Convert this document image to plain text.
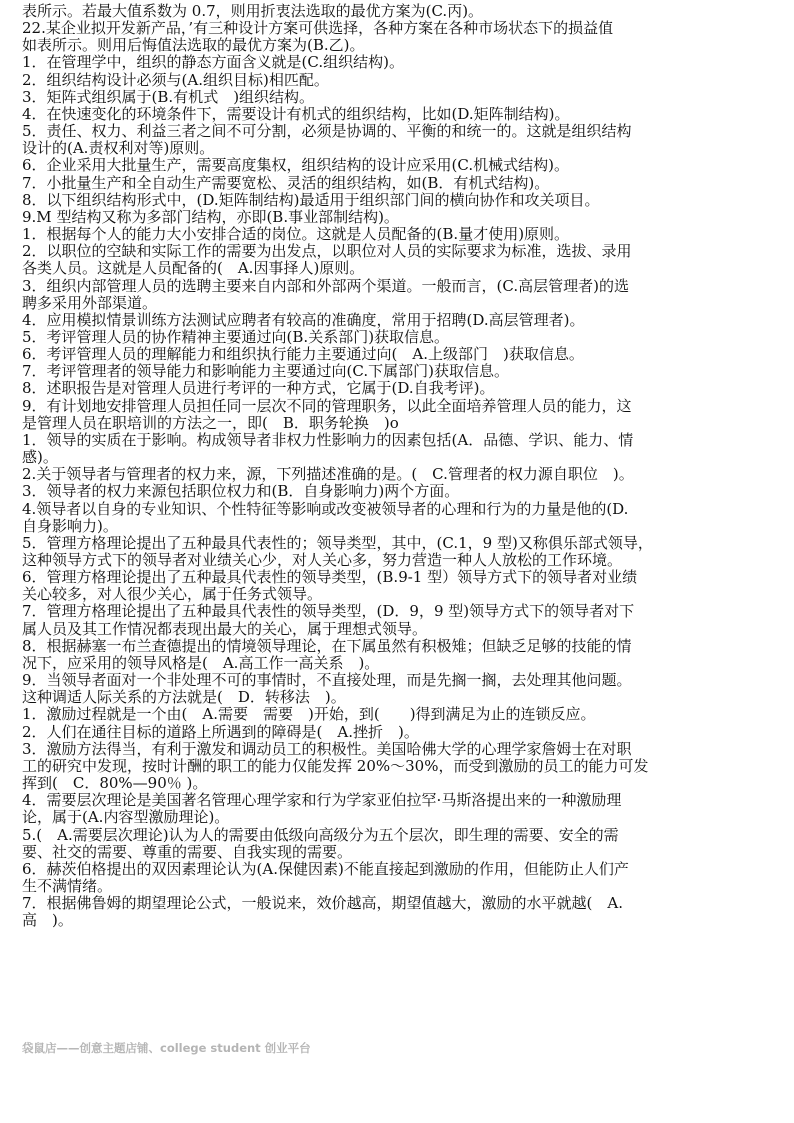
表所示。若最大值系数为 0.7，则用折衷法选取的最优方案为(C.丙)。

22.某企业拟开发新产品，’有三种设计方案可供选择，各种方案在各种市场状态下的损益值

如表所示。则用后悔值法选取的最优方案为(B.乙)。

1．在管理学中，组织的静态方面含义就是(C.组织结构)。

2．组织结构设计必须与(A.组织目标)相匹配。

3．矩阵式组织属于(B.有机式　)组织结构。

4．在快速变化的环境条件下，需要设计有机式的组织结构，比如(D.矩阵制结构)。

5．责任、权力、利益三者之间不可分割，必须是协调的、平衡的和统一的。这就是组织结构

设计的(A.责权利对等)原则。

6．企业采用大批量生产，需要高度集权，组织结构的设计应采用(C.机械式结构)。

7．小批量生产和全自动生产需要宽松、灵活的组织结构，如(B．有机式结构)。

8．以下组织结构形式中，(D.矩阵制结构)最适用于组织部门间的横向协作和攻关项目。

9.M 型结构又称为多部门结构，亦即(B.事业部制结构)。

1．根据每个人的能力大小安排合适的岗位。这就是人员配备的(B.量才使用)原则。

2．以职位的空缺和实际工作的需要为出发点，以职位对人员的实际要求为标准，选拔、录用

各类人员。这就是人员配备的(　A.因事择人)原则。

3．组织内部管理人员的选聘主要来自内部和外部两个渠道。一般而言，(C.高层管理者)的选

聘多采用外部渠道。

4．应用模拟情景训练方法测试应聘者有较高的准确度，常用于招聘(D.高层管理者)。

5．考评管理人员的协作精神主要通过向(B.关系部门)获取信息。

6．考评管理人员的理解能力和组织执行能力主要通过向(　A.上级部门　)获取信息。

7．考评管理者的领导能力和影响能力主要通过向(C.下属部门)获取信息。

8．述职报告是对管理人员进行考评的一种方式，它属于(D.自我考评)。

9．有计划地安排管理人员担任同一层次不同的管理职务，以此全面培养管理人员的能力，这

是管理人员在职培训的方法之一，即(　B．职务轮换　)o

1．领导的实质在于影响。构成领导者非权力性影响力的因素包括(A．品德、学识、能力、情

感)。

2.关于领导者与管理者的权力来，源，下列描述准确的是。(　C.管理者的权力源自职位　)。

3．领导者的权力来源包括职位权力和(B．自身影响力)两个方面。

4.领导者以自身的专业知识、个性特征等影响或改变被领导者的心理和行为的力量是他的(D.

自身影响力)。

5．管理方格理论提出了五种最具代表性的；领导类型，其中，(C.1，9 型)又称俱乐部式领导，

这种领导方式下的领导者对业绩关心少，对人关心多，努力营造一种人人放松的工作环境。

6．管理方格理论提出了五种最具代表性的领导类型，(B.9-1 型）领导方式下的领导者对业绩

关心较多，对人很少关心，属于任务式领导。

7．管理方格理论提出了五种最具代表性的领导类型，(D．9，9 型)领导方式下的领导者对下

属人员及其工作情况都表现出最大的关心，属于理想式领导。

8．根据赫塞一布兰查德提出的情境领导理论，在下属虽然有积极雉；但缺乏足够的技能的情

况下，应采用的领导风格是(　A.高工作一高关系　)。

9．当领导者面对一个非处理不可的事情时，不直接处理，而是先搁一搁，去处理其他问题。

这种调适人际关系的方法就是(　D．转移法　)。

1．激励过程就是一个由(　A.需要　需要　)开始，到(　　)得到满足为止的连锁反应。

2．人们在通往目标的道路上所遇到的障碍是(　A.挫折　)。

3．激励方法得当，有利于激发和调动员工的积极性。美国哈佛大学的心理学家詹姆士在对职

工的研究中发现，按时计酬的职工的能力仅能发挥 20%～30%，而受到激励的员工的能力可发

挥到(　C．80%—90％ )。

4．需要层次理论是美国著名管理心理学家和行为学家亚伯拉罕·马斯洛提出来的一种激励理

论，属于(A.内容型激励理论)。

5.(　A.需要层次理论)认为人的需要由低级向高级分为五个层次，即生理的需要、安全的需

要、社交的需要、尊重的需要、自我实现的需要。

6．赫茨伯格提出的双因素理论认为(A.保健因素)不能直接起到激励的作用，但能防止人们产

生不满情绪。

7．根据佛鲁姆的期望理论公式，一般说来，效价越高，期望值越大，激励的水平就越(　A.

高　)。

袋鼠店——创意主题店铺、college student 创业平台
